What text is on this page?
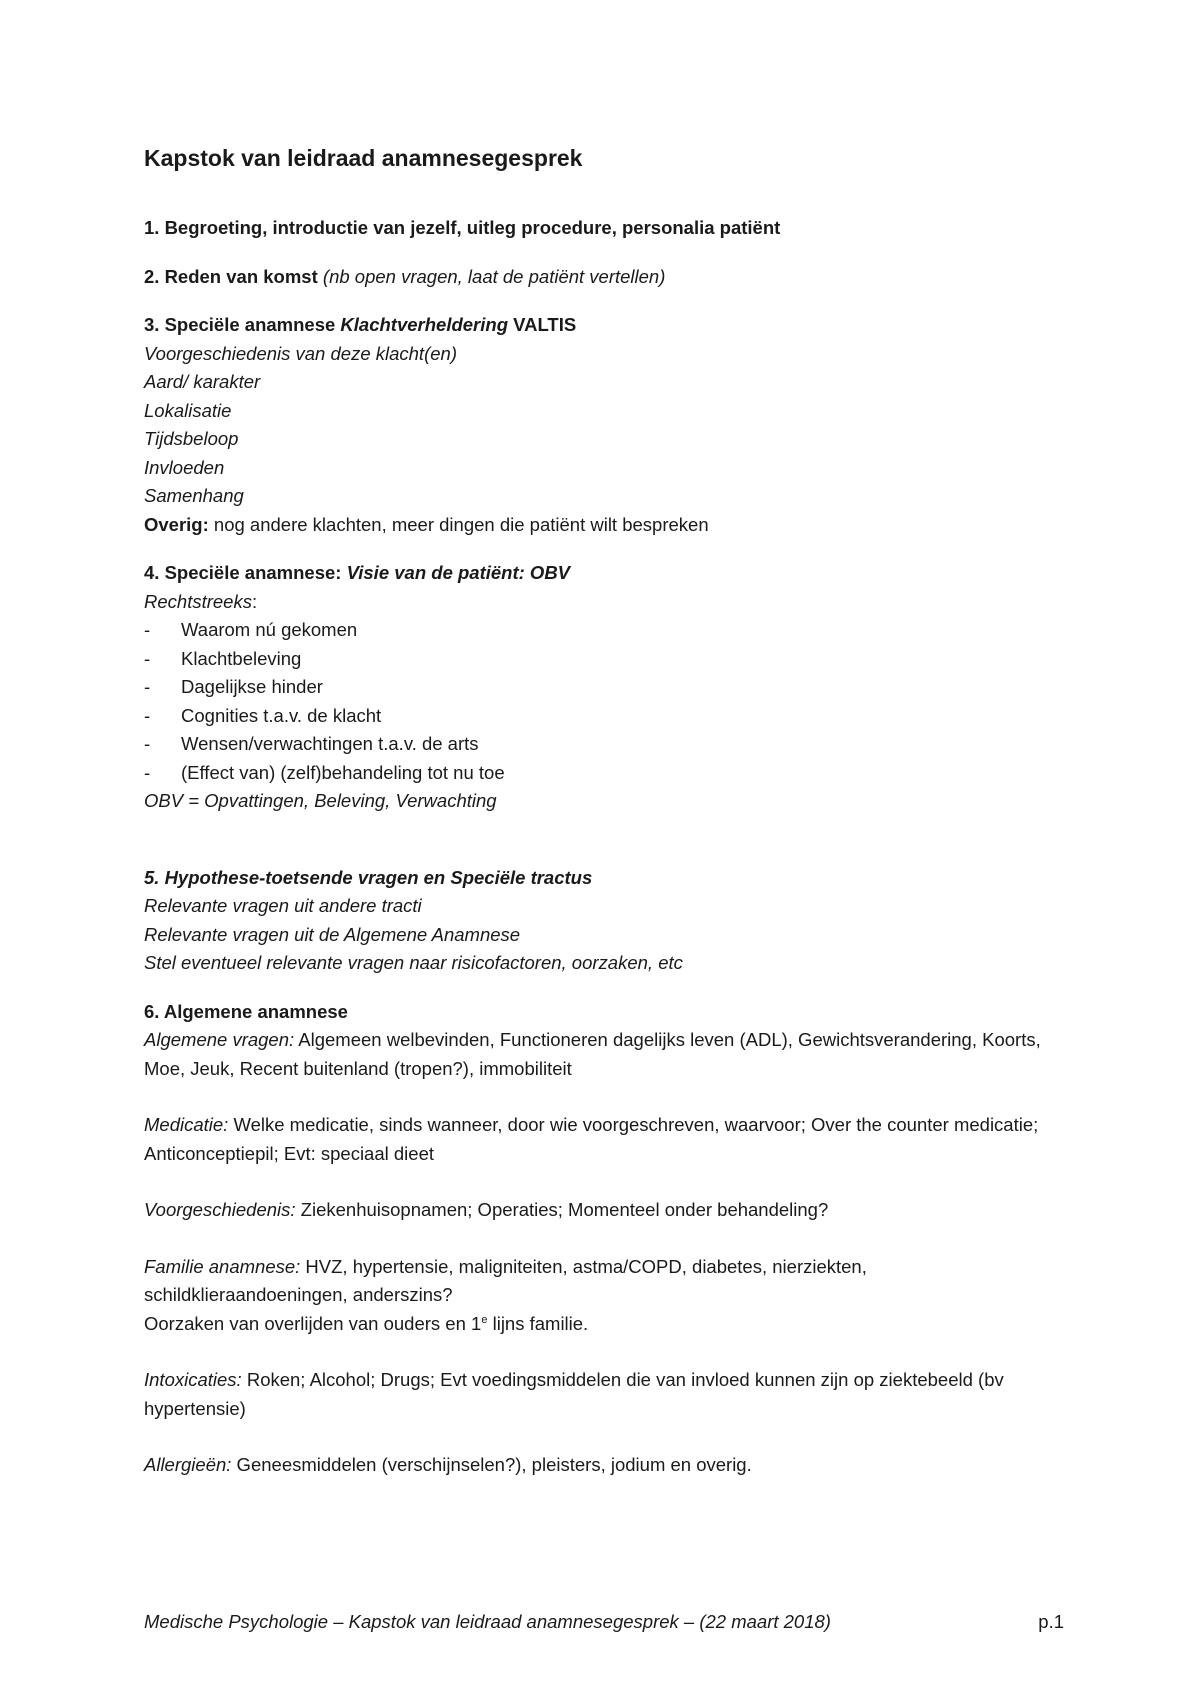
Kapstok van leidraad anamnesegesprek
1. Begroeting, introductie van jezelf, uitleg procedure, personalia patiënt
2. Reden van komst (nb open vragen, laat de patiënt vertellen)
3. Speciële anamnese Klachtverheldering VALTIS
Voorgeschiedenis van deze klacht(en)
Aard/ karakter
Lokalisatie
Tijdsbeloop
Invloeden
Samenhang
Overig: nog andere klachten, meer dingen die patiënt wilt bespreken
4. Speciële anamnese: Visie van de patiënt: OBV
Rechtstreeks:
- Waarom nú gekomen
- Klachtbeleving
- Dagelijkse hinder
- Cognities t.a.v. de klacht
- Wensen/verwachtingen t.a.v. de arts
- (Effect van) (zelf)behandeling tot nu toe
OBV = Opvattingen, Beleving, Verwachting
5. Hypothese-toetsende vragen en Speciële tractus
Relevante vragen uit andere tracti
Relevante vragen uit de Algemene Anamnese
Stel eventueel relevante vragen naar risicofactoren, oorzaken, etc
6. Algemene anamnese
Algemene vragen: Algemeen welbevinden, Functioneren dagelijks leven (ADL), Gewichtsverandering, Koorts, Moe, Jeuk, Recent buitenland (tropen?), immobiliteit
Medicatie: Welke medicatie, sinds wanneer, door wie voorgeschreven, waarvoor; Over the counter medicatie; Anticonceptiepil; Evt: speciaal dieet
Voorgeschiedenis: Ziekenhuisopnamen; Operaties; Momenteel onder behandeling?
Familie anamnese: HVZ, hypertensie, maligniteiten, astma/COPD, diabetes, nierziekten, schildklieraandoeningen, anderszins?
Oorzaken van overlijden van ouders en 1e lijns familie.
Intoxicaties: Roken; Alcohol; Drugs; Evt voedingsmiddelen die van invloed kunnen zijn op ziektebeeld (bv hypertensie)
Allergieën: Geneesmiddelen (verschijnselen?), pleisters, jodium en overig.
Medische Psychologie – Kapstok van leidraad anamnesegesprek – (22 maart 2018)	p.1
